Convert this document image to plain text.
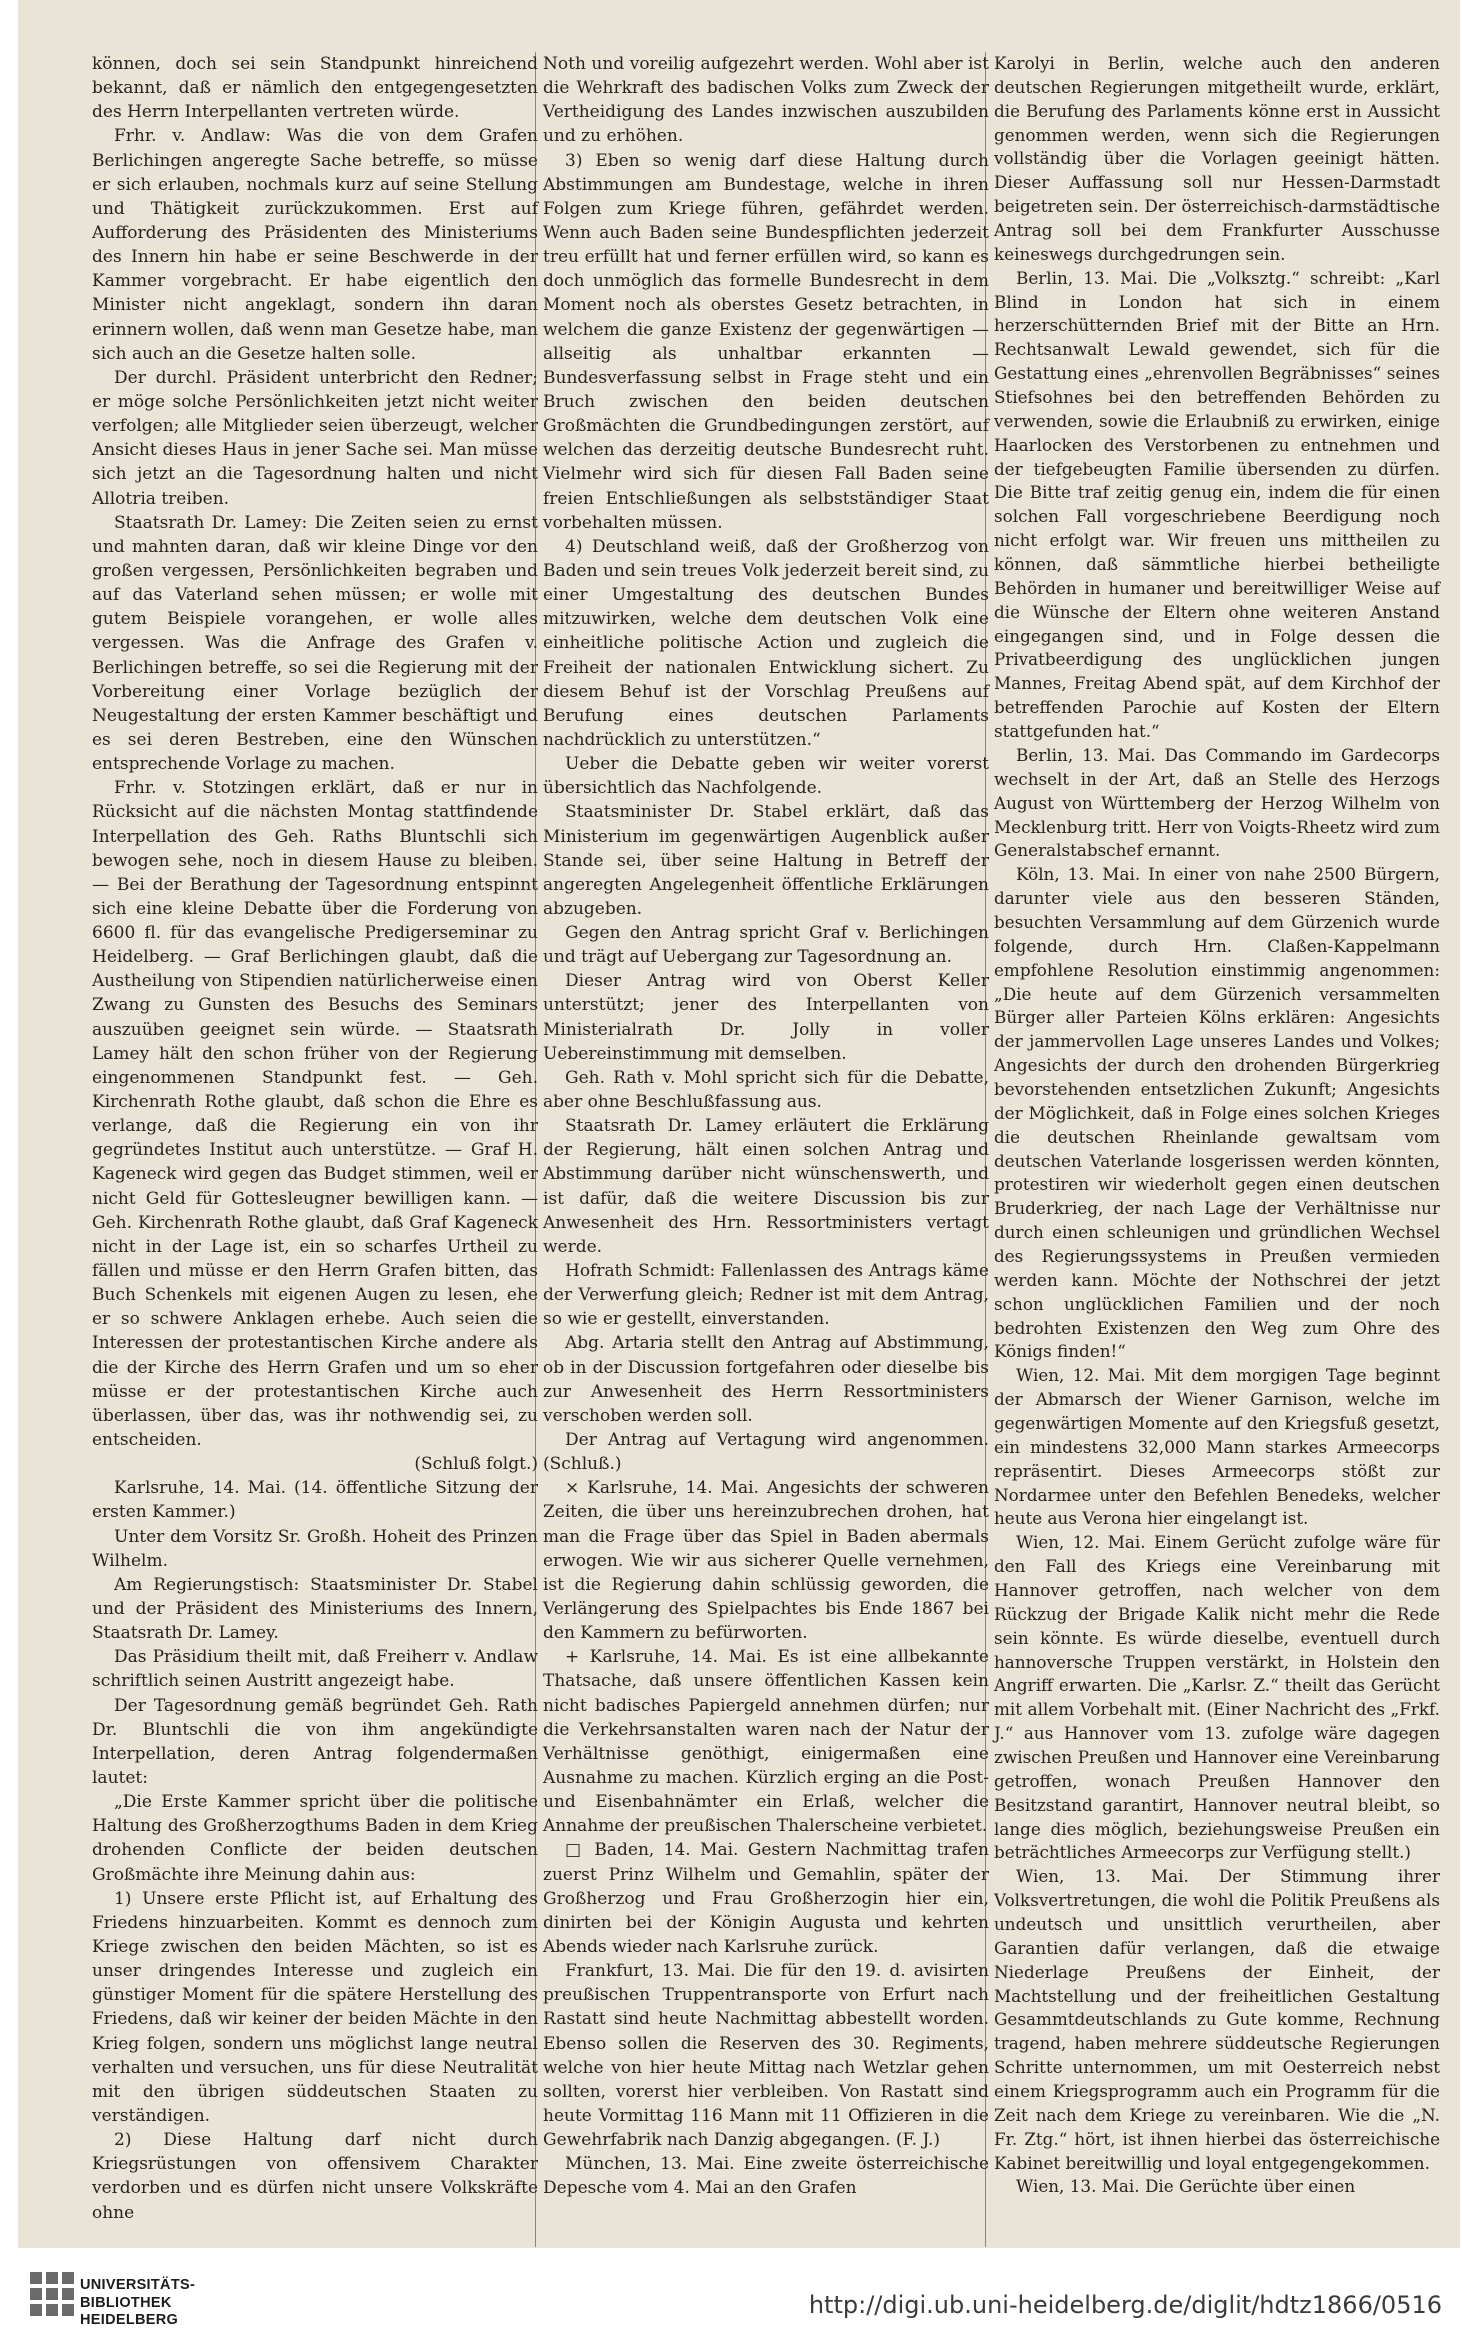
können, doch sei sein Standpunkt hinreichend bekannt, daß er nämlich den entgegengesetzten des Herrn Interpellanten vertreten würde.

Frhr. v. Andlaw: Was die von dem Grafen Berlichingen angeregte Sache betreffe, so müsse er sich erlauben, nochmals kurz auf seine Stellung und Thätigkeit zurückzukommen. Erst auf Aufforderung des Präsidenten des Ministeriums des Innern hin habe er seine Beschwerde in der Kammer vorgebracht. Er habe eigentlich den Minister nicht angeklagt, sondern ihn daran erinnern wollen, daß wenn man Gesetze habe, man sich auch an die Gesetze halten solle.

Der durchl. Präsident unterbricht den Redner; er möge solche Persönlichkeiten jetzt nicht weiter verfolgen; alle Mitglieder seien überzeugt, welcher Ansicht dieses Haus in jener Sache sei. Man müsse sich jetzt an die Tagesordnung halten und nicht Allotria treiben.

Staatsrath Dr. Lamey: Die Zeiten seien zu ernst und mahnten daran, daß wir kleine Dinge vor den großen vergessen, Persönlichkeiten begraben und auf das Vaterland sehen müssen; er wolle mit gutem Beispiele vorangehen, er wolle alles vergessen. Was die Anfrage des Grafen v. Berlichingen betreffe, so sei die Regierung mit der Vorbereitung einer Vorlage bezüglich der Neugestaltung der ersten Kammer beschäftigt und es sei deren Bestreben, eine den Wünschen entsprechende Vorlage zu machen.

Frhr. v. Stotzingen erklärt, daß er nur in Rücksicht auf die nächsten Montag stattfindende Interpellation des Geh. Raths Bluntschli sich bewogen sehe, noch in diesem Hause zu bleiben. — Bei der Berathung der Tagesordnung entspinnt sich eine kleine Debatte über die Forderung von 6600 fl. für das evangelische Predigerseminar zu Heidelberg. — Graf Berlichingen glaubt, daß die Austheilung von Stipendien natürlicherweise einen Zwang zu Gunsten des Besuchs des Seminars auszuüben geeignet sein würde. — Staatsrath Lamey hält den schon früher von der Regierung eingenommenen Standpunkt fest. — Geh. Kirchenrath Rothe glaubt, daß schon die Ehre es verlange, daß die Regierung ein von ihr gegründetes Institut auch unterstütze. — Graf H. Kageneck wird gegen das Budget stimmen, weil er nicht Geld für Gottesleugner bewilligen kann. — Geh. Kirchenrath Rothe glaubt, daß Graf Kageneck nicht in der Lage ist, ein so scharfes Urtheil zu fällen und müsse er den Herrn Grafen bitten, das Buch Schenkels mit eigenen Augen zu lesen, ehe er so schwere Anklagen erhebe. Auch seien die Interessen der protestantischen Kirche andere als die der Kirche des Herrn Grafen und um so eher müsse er der protestantischen Kirche auch überlassen, über das, was ihr nothwendig sei, zu entscheiden.

(Schluß folgt.)

Karlsruhe, 14. Mai. (14. öffentliche Sitzung der ersten Kammer.)

Unter dem Vorsitz Sr. Großh. Hoheit des Prinzen Wilhelm.

Am Regierungstisch: Staatsminister Dr. Stabel und der Präsident des Ministeriums des Innern, Staatsrath Dr. Lamey.

Das Präsidium theilt mit, daß Freiherr v. Andlaw schriftlich seinen Austritt angezeigt habe.

Der Tagesordnung gemäß begründet Geh. Rath Dr. Bluntschli die von ihm angekündigte Interpellation, deren Antrag folgendermaßen lautet:

„Die Erste Kammer spricht über die politische Haltung des Großherzogthums Baden in dem Krieg drohenden Conflicte der beiden deutschen Großmächte ihre Meinung dahin aus:

1) Unsere erste Pflicht ist, auf Erhaltung des Friedens hinzuarbeiten. Kommt es dennoch zum Kriege zwischen den beiden Mächten, so ist es unser dringendes Interesse und zugleich ein günstiger Moment für die spätere Herstellung des Friedens, daß wir keiner der beiden Mächte in den Krieg folgen, sondern uns möglichst lange neutral verhalten und versuchen, uns für diese Neutralität mit den übrigen süddeutschen Staaten zu verständigen.

2) Diese Haltung darf nicht durch Kriegsrüstungen von offensivem Charakter verdorben und es dürfen nicht unsere Volkskräfte ohne

Noth und voreilig aufgezehrt werden. Wohl aber ist die Wehrkraft des badischen Volks zum Zweck der Vertheidigung des Landes inzwischen auszubilden und zu erhöhen.

3) Eben so wenig darf diese Haltung durch Abstimmungen am Bundestage, welche in ihren Folgen zum Kriege führen, gefährdet werden. Wenn auch Baden seine Bundespflichten jederzeit treu erfüllt hat und ferner erfüllen wird, so kann es doch unmöglich das formelle Bundesrecht in dem Moment noch als oberstes Gesetz betrachten, in welchem die ganze Existenz der gegenwärtigen — allseitig als unhaltbar erkannten — Bundesverfassung selbst in Frage steht und ein Bruch zwischen den beiden deutschen Großmächten die Grundbedingungen zerstört, auf welchen das derzeitig deutsche Bundesrecht ruht. Vielmehr wird sich für diesen Fall Baden seine freien Entschließungen als selbstständiger Staat vorbehalten müssen.

4) Deutschland weiß, daß der Großherzog von Baden und sein treues Volk jederzeit bereit sind, zu einer Umgestaltung des deutschen Bundes mitzuwirken, welche dem deutschen Volk eine einheitliche politische Action und zugleich die Freiheit der nationalen Entwicklung sichert. Zu diesem Behuf ist der Vorschlag Preußens auf Berufung eines deutschen Parlaments nachdrücklich zu unterstützen.“

Ueber die Debatte geben wir weiter vorerst übersichtlich das Nachfolgende.

Staatsminister Dr. Stabel erklärt, daß das Ministerium im gegenwärtigen Augenblick außer Stande sei, über seine Haltung in Betreff der angeregten Angelegenheit öffentliche Erklärungen abzugeben.

Gegen den Antrag spricht Graf v. Berlichingen und trägt auf Uebergang zur Tagesordnung an.

Dieser Antrag wird von Oberst Keller unterstützt; jener des Interpellanten von Ministerialrath Dr. Jolly in voller Uebereinstimmung mit demselben.

Geh. Rath v. Mohl spricht sich für die Debatte, aber ohne Beschlußfassung aus.

Staatsrath Dr. Lamey erläutert die Erklärung der Regierung, hält einen solchen Antrag und Abstimmung darüber nicht wünschenswerth, und ist dafür, daß die weitere Discussion bis zur Anwesenheit des Hrn. Ressortministers vertagt werde.

Hofrath Schmidt: Fallenlassen des Antrags käme der Verwerfung gleich; Redner ist mit dem Antrag, so wie er gestellt, einverstanden.

Abg. Artaria stellt den Antrag auf Abstimmung, ob in der Discussion fortgefahren oder dieselbe bis zur Anwesenheit des Herrn Ressortministers verschoben werden soll.

Der Antrag auf Vertagung wird angenommen. (Schluß.)

× Karlsruhe, 14. Mai. Angesichts der schweren Zeiten, die über uns hereinzubrechen drohen, hat man die Frage über das Spiel in Baden abermals erwogen. Wie wir aus sicherer Quelle vernehmen, ist die Regierung dahin schlüssig geworden, die Verlängerung des Spielpachtes bis Ende 1867 bei den Kammern zu befürworten.

+ Karlsruhe, 14. Mai. Es ist eine allbekannte Thatsache, daß unsere öffentlichen Kassen kein nicht badisches Papiergeld annehmen dürfen; nur die Verkehrsanstalten waren nach der Natur der Verhältnisse genöthigt, einigermaßen eine Ausnahme zu machen. Kürzlich erging an die Post- und Eisenbahnämter ein Erlaß, welcher die Annahme der preußischen Thalerscheine verbietet.

□ Baden, 14. Mai. Gestern Nachmittag trafen zuerst Prinz Wilhelm und Gemahlin, später der Großherzog und Frau Großherzogin hier ein, dinirten bei der Königin Augusta und kehrten Abends wieder nach Karlsruhe zurück.

Frankfurt, 13. Mai. Die für den 19. d. avisirten preußischen Truppentransporte von Erfurt nach Rastatt sind heute Nachmittag abbestellt worden. Ebenso sollen die Reserven des 30. Regiments, welche von hier heute Mittag nach Wetzlar gehen sollten, vorerst hier verbleiben. Von Rastatt sind heute Vormittag 116 Mann mit 11 Offizieren in die Gewehrfabrik nach Danzig abgegangen. (F. J.)

München, 13. Mai. Eine zweite österreichische Depesche vom 4. Mai an den Grafen

Karolyi in Berlin, welche auch den anderen deutschen Regierungen mitgetheilt wurde, erklärt, die Berufung des Parlaments könne erst in Aussicht genommen werden, wenn sich die Regierungen vollständig über die Vorlagen geeinigt hätten. Dieser Auffassung soll nur Hessen-Darmstadt beigetreten sein. Der österreichisch-darmstädtische Antrag soll bei dem Frankfurter Ausschusse keineswegs durchgedrungen sein.

Berlin, 13. Mai. Die „Volksztg.“ schreibt: „Karl Blind in London hat sich in einem herzerschütternden Brief mit der Bitte an Hrn. Rechtsanwalt Lewald gewendet, sich für die Gestattung eines „ehrenvollen Begräbnisses“ seines Stiefsohnes bei den betreffenden Behörden zu verwenden, sowie die Erlaubniß zu erwirken, einige Haarlocken des Verstorbenen zu entnehmen und der tiefgebeugten Familie übersenden zu dürfen. Die Bitte traf zeitig genug ein, indem die für einen solchen Fall vorgeschriebene Beerdigung noch nicht erfolgt war. Wir freuen uns mittheilen zu können, daß sämmtliche hierbei betheiligte Behörden in humaner und bereitwilliger Weise auf die Wünsche der Eltern ohne weiteren Anstand eingegangen sind, und in Folge dessen die Privatbeerdigung des unglücklichen jungen Mannes, Freitag Abend spät, auf dem Kirchhof der betreffenden Parochie auf Kosten der Eltern stattgefunden hat.“

Berlin, 13. Mai. Das Commando im Gardecorps wechselt in der Art, daß an Stelle des Herzogs August von Württemberg der Herzog Wilhelm von Mecklenburg tritt. Herr von Voigts-Rheetz wird zum Generalstabschef ernannt.

Köln, 13. Mai. In einer von nahe 2500 Bürgern, darunter viele aus den besseren Ständen, besuchten Versammlung auf dem Gürzenich wurde folgende, durch Hrn. Claßen-Kappelmann empfohlene Resolution einstimmig angenommen: „Die heute auf dem Gürzenich versammelten Bürger aller Parteien Kölns erklären: Angesichts der jammervollen Lage unseres Landes und Volkes; Angesichts der durch den drohenden Bürgerkrieg bevorstehenden entsetzlichen Zukunft; Angesichts der Möglichkeit, daß in Folge eines solchen Krieges die deutschen Rheinlande gewaltsam vom deutschen Vaterlande losgerissen werden könnten, protestiren wir wiederholt gegen einen deutschen Bruderkrieg, der nach Lage der Verhältnisse nur durch einen schleunigen und gründlichen Wechsel des Regierungssystems in Preußen vermieden werden kann. Möchte der Nothschrei der jetzt schon unglücklichen Familien und der noch bedrohten Existenzen den Weg zum Ohre des Königs finden!“

Wien, 12. Mai. Mit dem morgigen Tage beginnt der Abmarsch der Wiener Garnison, welche im gegenwärtigen Momente auf den Kriegsfuß gesetzt, ein mindestens 32,000 Mann starkes Armeecorps repräsentirt. Dieses Armeecorps stößt zur Nordarmee unter den Befehlen Benedeks, welcher heute aus Verona hier eingelangt ist.

Wien, 12. Mai. Einem Gerücht zufolge wäre für den Fall des Kriegs eine Vereinbarung mit Hannover getroffen, nach welcher von dem Rückzug der Brigade Kalik nicht mehr die Rede sein könnte. Es würde dieselbe, eventuell durch hannoversche Truppen verstärkt, in Holstein den Angriff erwarten. Die „Karlsr. Z.“ theilt das Gerücht mit allem Vorbehalt mit. (Einer Nachricht des „Frkf. J.“ aus Hannover vom 13. zufolge wäre dagegen zwischen Preußen und Hannover eine Vereinbarung getroffen, wonach Preußen Hannover den Besitzstand garantirt, Hannover neutral bleibt, so lange dies möglich, beziehungsweise Preußen ein beträchtliches Armeecorps zur Verfügung stellt.)

Wien, 13. Mai. Der Stimmung ihrer Volksvertretungen, die wohl die Politik Preußens als undeutsch und unsittlich verurtheilen, aber Garantien dafür verlangen, daß die etwaige Niederlage Preußens der Einheit, der Machtstellung und der freiheitlichen Gestaltung Gesammtdeutschlands zu Gute komme, Rechnung tragend, haben mehrere süddeutsche Regierungen Schritte unternommen, um mit Oesterreich nebst einem Kriegsprogramm auch ein Programm für die Zeit nach dem Kriege zu vereinbaren. Wie die „N. Fr. Ztg.“ hört, ist ihnen hierbei das österreichische Kabinet bereitwillig und loyal entgegengekommen.

Wien, 13. Mai. Die Gerüchte über einen

UNIVERSITÄTS-
BIBLIOTHEK
HEIDELBERG
http://digi.ub.uni-heidelberg.de/diglit/hdtz1866/0516
